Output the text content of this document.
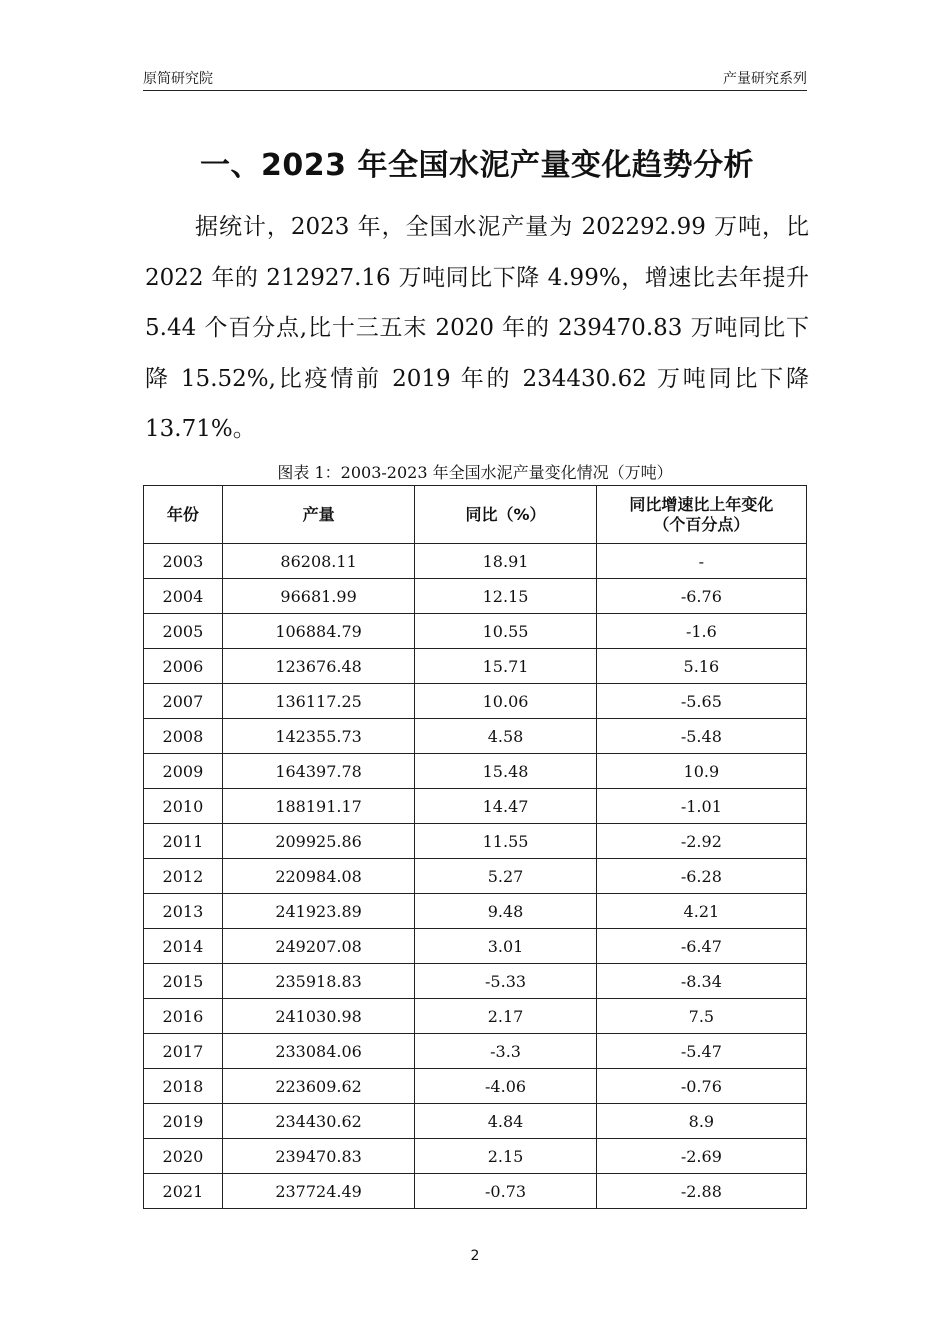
原简研究院	产量研究系列
一、2023 年全国水泥产量变化趋势分析
据统计，2023 年，全国水泥产量为 202292.99 万吨，比 2022 年的 212927.16 万吨同比下降 4.99%，增速比去年提升 5.44 个百分点,比十三五末 2020 年的 239470.83 万吨同比下降 15.52%,比疫情前 2019 年的 234430.62 万吨同比下降 13.71%。
图表 1：2003-2023 年全国水泥产量变化情况（万吨）
年份	产量	同比（%）	同比增速比上年变化
（个百分点）
2003	86208.11	18.91	-
2004	96681.99	12.15	-6.76
2005	106884.79	10.55	-1.6
2006	123676.48	15.71	5.16
2007	136117.25	10.06	-5.65
2008	142355.73	4.58	-5.48
2009	164397.78	15.48	10.9
2010	188191.17	14.47	-1.01
2011	209925.86	11.55	-2.92
2012	220984.08	5.27	-6.28
2013	241923.89	9.48	4.21
2014	249207.08	3.01	-6.47
2015	235918.83	-5.33	-8.34
2016	241030.98	2.17	7.5
2017	233084.06	-3.3	-5.47
2018	223609.62	-4.06	-0.76
2019	234430.62	4.84	8.9
2020	239470.83	2.15	-2.69
2021	237724.49	-0.73	-2.88
2
